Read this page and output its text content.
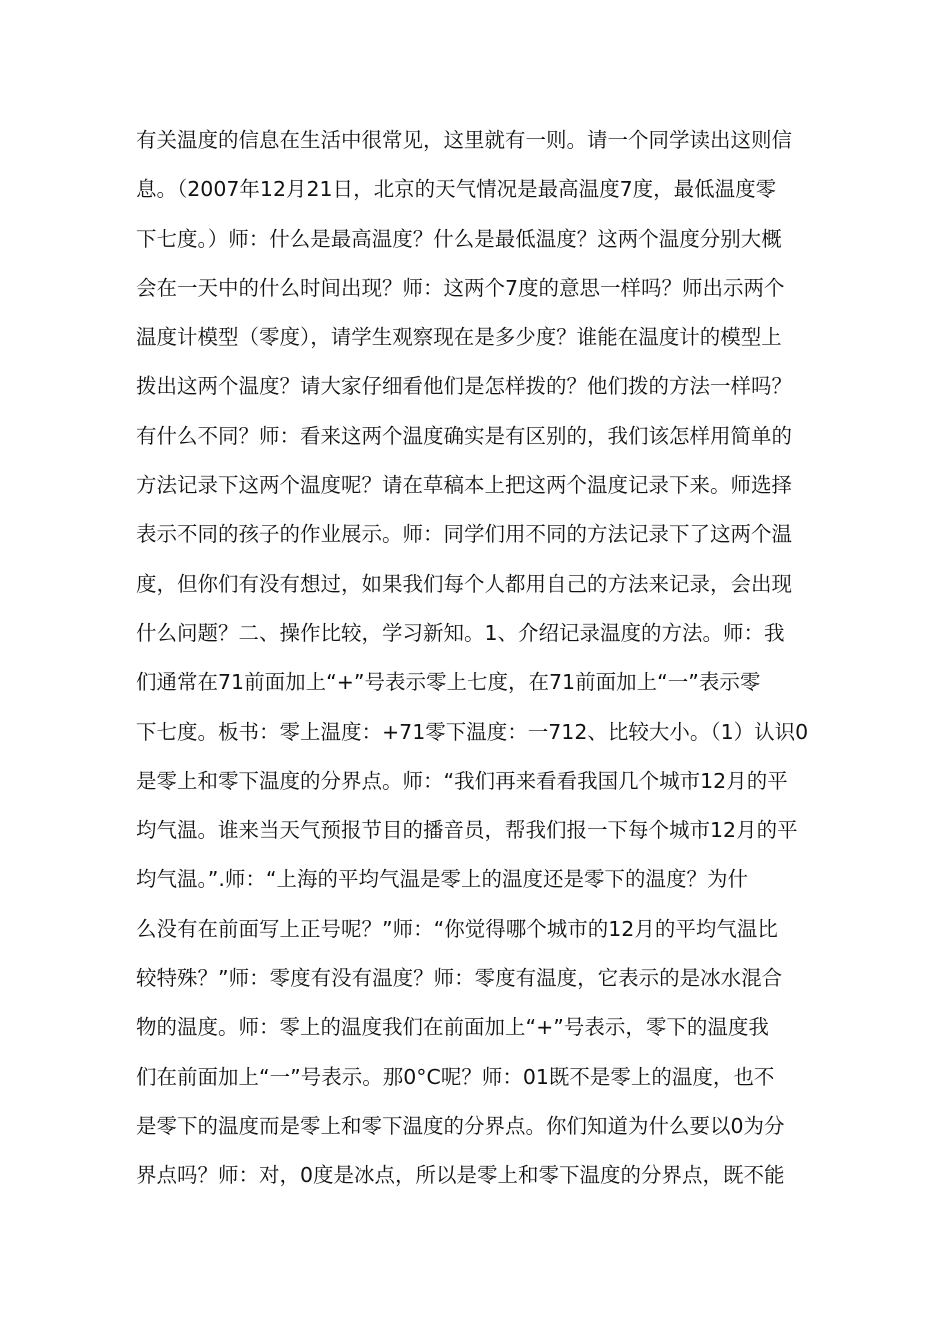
有关温度的信息在生活中很常见，这里就有一则。请一个同学读出这则信
息。（2007年12月21日，北京的天气情况是最高温度7度，最低温度零
下七度。）师：什么是最高温度？什么是最低温度？这两个温度分别大概
会在一天中的什么时间出现？师：这两个7度的意思一样吗？师出示两个
温度计模型（零度），请学生观察现在是多少度？谁能在温度计的模型上
拨出这两个温度？请大家仔细看他们是怎样拨的？他们拨的方法一样吗？
有什么不同？师：看来这两个温度确实是有区别的，我们该怎样用简单的
方法记录下这两个温度呢？请在草稿本上把这两个温度记录下来。师选择
表示不同的孩子的作业展示。师：同学们用不同的方法记录下了这两个温
度，但你们有没有想过，如果我们每个人都用自己的方法来记录，会出现
什么问题？二、操作比较，学习新知。1、介绍记录温度的方法。师：我
们通常在71前面加上“+”号表示零上七度，在71前面加上“一”表示零
下七度。板书：零上温度：+71零下温度：一712、比较大小。（1）认识0
是零上和零下温度的分界点。师：“我们再来看看我国几个城市12月的平
均气温。谁来当天气预报节目的播音员，帮我们报一下每个城市12月的平
均气温。”.师：“上海的平均气温是零上的温度还是零下的温度？为什
么没有在前面写上正号呢？”师：“你觉得哪个城市的12月的平均气温比
较特殊？”师：零度有没有温度？师：零度有温度，它表示的是冰水混合
物的温度。师：零上的温度我们在前面加上“+”号表示，零下的温度我
们在前面加上“一”号表示。那0°C呢？师：01既不是零上的温度，也不
是零下的温度而是零上和零下温度的分界点。你们知道为什么要以0为分
界点吗？师：对，0度是冰点，所以是零上和零下温度的分界点，既不能
